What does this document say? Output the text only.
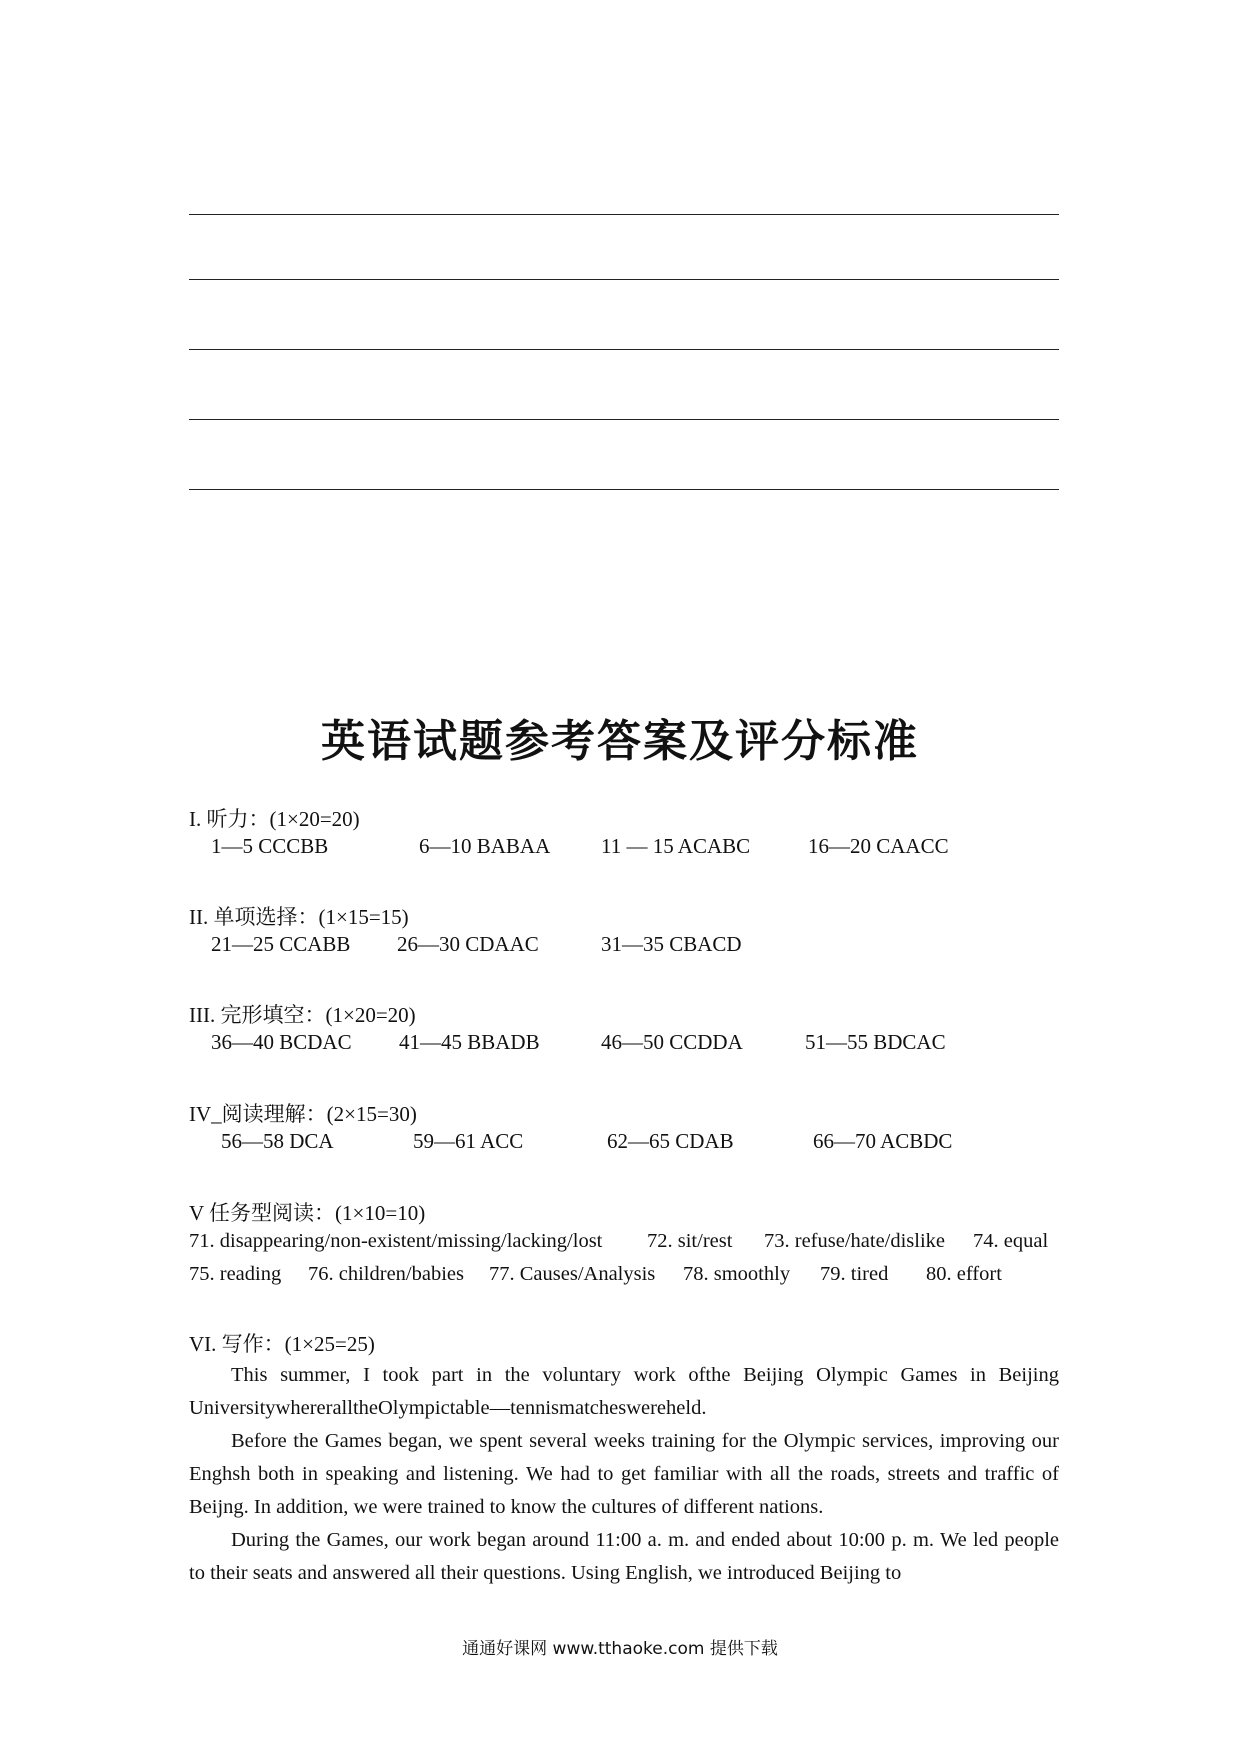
英语试题参考答案及评分标准
I. 听力：(1×20=20)
1—5 CCCBB	6—10 BABAA 11 — 15 ACABC	16—20 CAACC
II. 单项选择：(1×15=15)
21—25 CCABB 26—30 CDAAC	31—35 CBACD
III. 完形填空：(1×20=20)
36—40 BCDAC 41—45 BBADB	46—50 CCDDA	51—55 BDCAC
IV_阅读理解：(2×15=30)
56—58 DCA	59—61 ACC	62—65 CDAB	66—70 ACBDC
V 任务型阅读：(1×10=10)
71. disappearing/non-existent/missing/lacking/lost 72. sit/rest 73. refuse/hate/dislike 74. equal
75. reading 76. children/babies 77. Causes/Analysis 78. smoothly 79. tired 80. effort
VI. 写作：(1×25=25)

This summer, I took part in the voluntary work ofthe Beijing Olympic Games in Beijing UniversitywhereralltheOlympictable—tennismatcheswereheld.

Before the Games began, we spent several weeks training for the Olympic services, improving our Enghsh both in speaking and listening. We had to get familiar with all the roads, streets and traffic of Beijng. In addition, we were trained to know the cultures of different nations.

During the Games, our work began around 11:00 a. m. and ended about 10:00 p. m. We led people to their seats and answered all their questions. Using English, we introduced Beijing to

通通好课网 www.tthaoke.com 提供下载
